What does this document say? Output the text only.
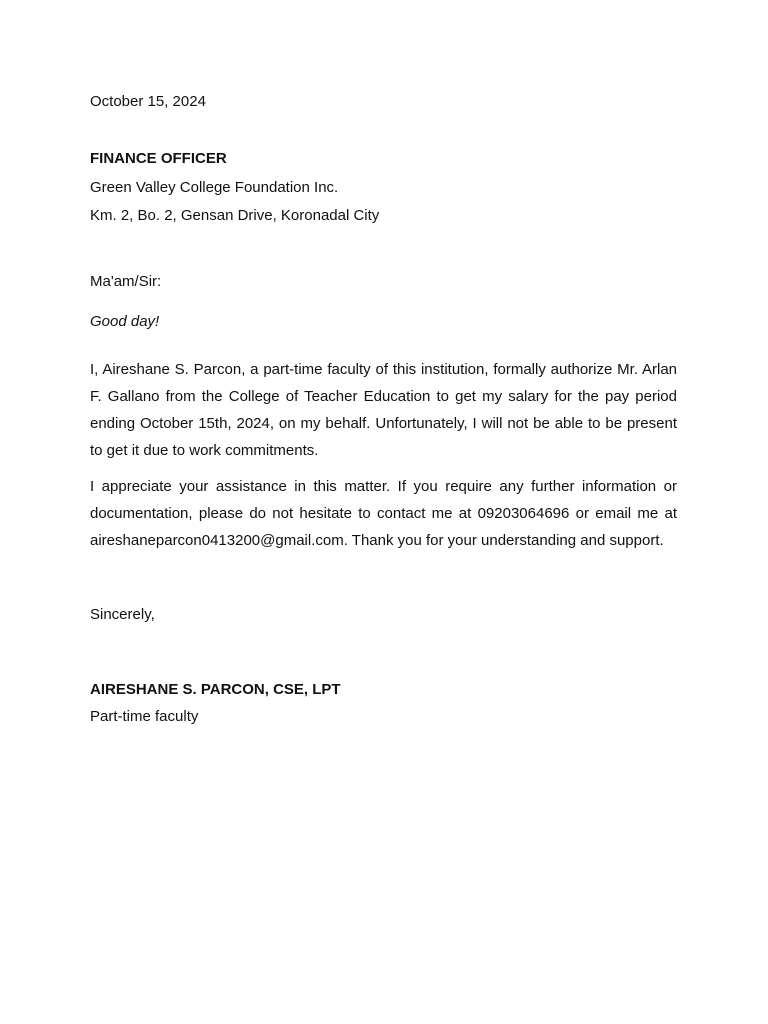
October 15, 2024
FINANCE OFFICER
Green Valley College Foundation Inc.
Km. 2, Bo. 2, Gensan Drive, Koronadal City
Ma'am/Sir:
Good day!
I, Aireshane S. Parcon, a part-time faculty of this institution, formally authorize Mr. Arlan F. Gallano from the College of Teacher Education to get my salary for the pay period ending October 15th, 2024, on my behalf. Unfortunately, I will not be able to be present to get it due to work commitments.
I appreciate your assistance in this matter. If you require any further information or documentation, please do not hesitate to contact me at 09203064696 or email me at aireshaneparcon0413200@gmail.com. Thank you for your understanding and support.
Sincerely,
AIRESHANE S. PARCON, CSE, LPT
Part-time faculty
